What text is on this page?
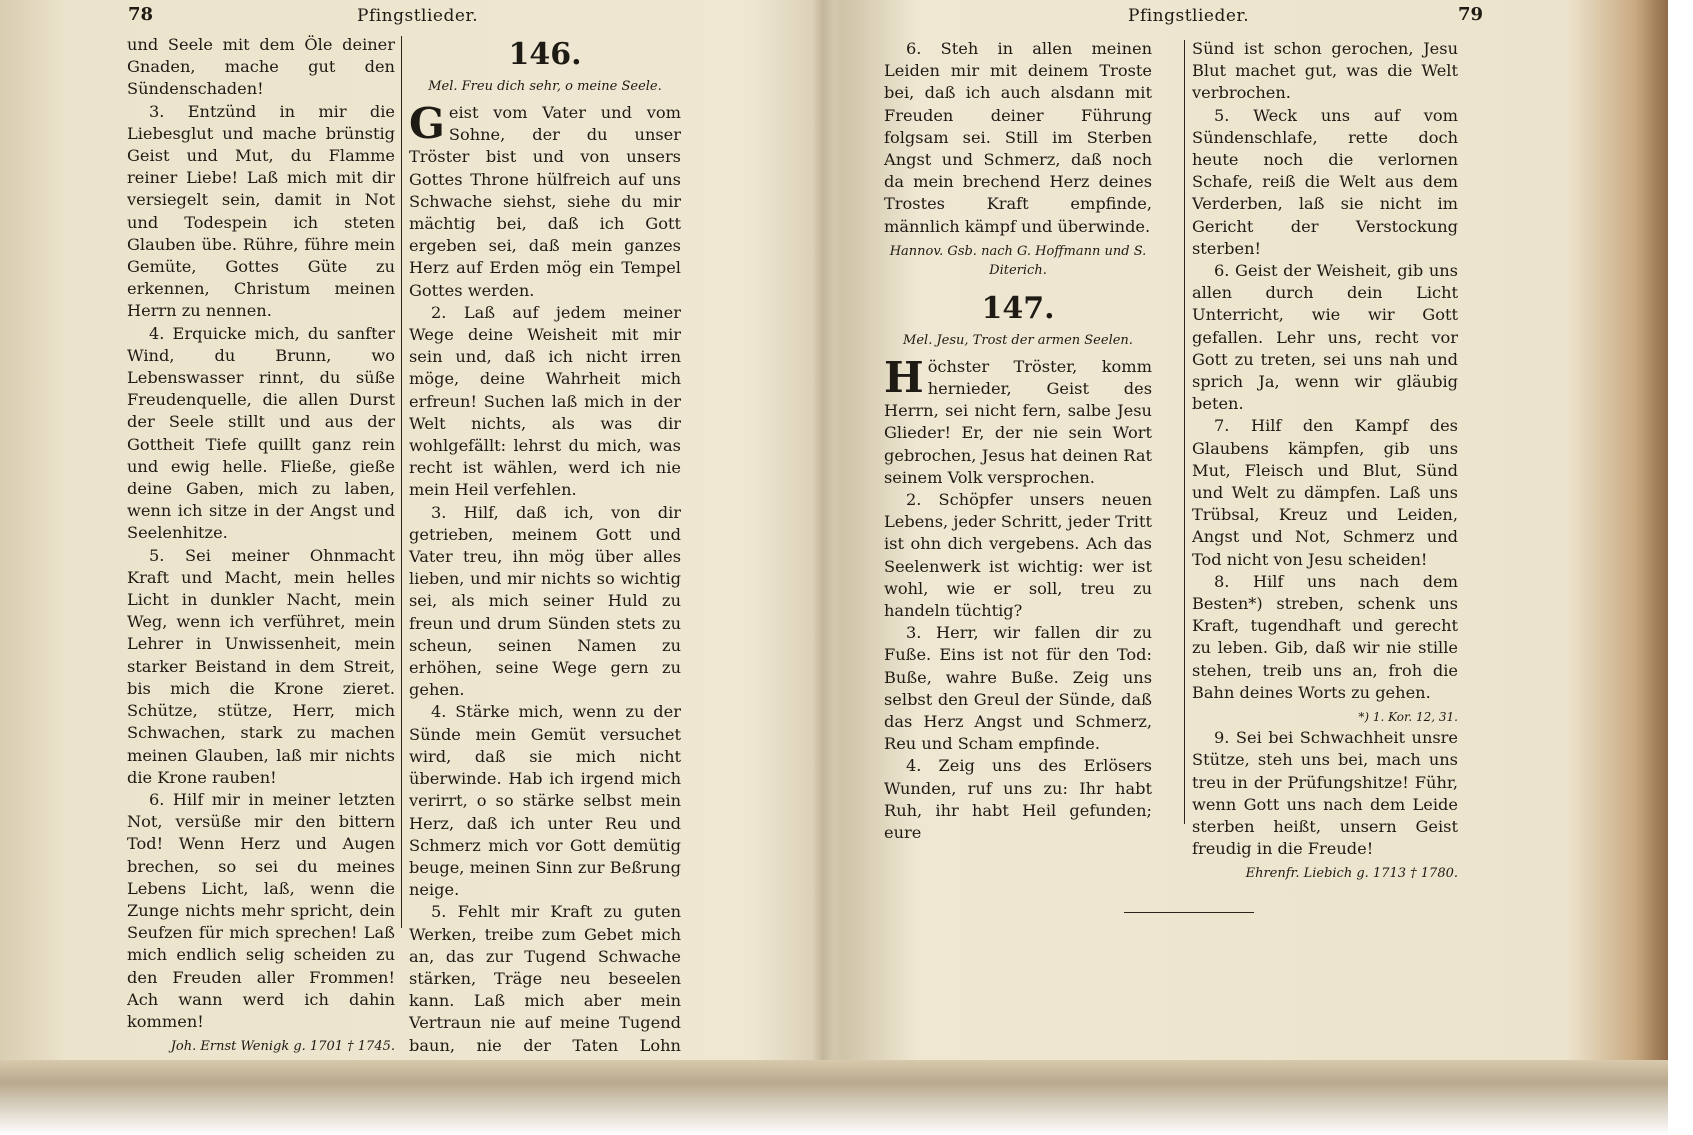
78	Pfingstlieder.

und Seele mit dem Öle deiner Gnaden, mache gut den Sündenschaden!

3. Entzünd in mir die Liebesglut und mache brünstig Geist und Mut, du Flamme reiner Liebe! Laß mich mit dir versiegelt sein, damit in Not und Todespein ich steten Glauben übe. Rühre, führe mein Gemüte, Gottes Güte zu erkennen, Christum meinen Herrn zu nennen.

4. Erquicke mich, du sanfter Wind, du Brunn, wo Lebenswasser rinnt, du süße Freudenquelle, die allen Durst der Seele stillt und aus der Gottheit Tiefe quillt ganz rein und ewig helle. Fließe, gieße deine Gaben, mich zu laben, wenn ich sitze in der Angst und Seelenhitze.

5. Sei meiner Ohnmacht Kraft und Macht, mein helles Licht in dunkler Nacht, mein Weg, wenn ich verführet, mein Lehrer in Unwissenheit, mein starker Beistand in dem Streit, bis mich die Krone zieret. Schütze, stütze, Herr, mich Schwachen, stark zu machen meinen Glauben, laß mir nichts die Krone rauben!

6. Hilf mir in meiner letzten Not, versüße mir den bittern Tod! Wenn Herz und Augen brechen, so sei du meines Lebens Licht, laß, wenn die Zunge nichts mehr spricht, dein Seufzen für mich sprechen! Laß mich endlich selig scheiden zu den Freuden aller Frommen! Ach wann werd ich dahin kommen!

Joh. Ernst Wenigk g. 1701 † 1745.
146.
Mel. Freu dich sehr, o meine Seele.

Geist vom Vater und vom Sohne, der du unser Tröster bist und von unsers Gottes Throne hülfreich auf uns Schwache siehst, siehe du mir mächtig bei, daß ich Gott ergeben sei, daß mein ganzes Herz auf Erden mög ein Tempel Gottes werden.

2. Laß auf jedem meiner Wege deine Weisheit mit mir sein und, daß ich nicht irren möge, deine Wahrheit mich erfreun! Suchen laß mich in der Welt nichts, als was dir wohlgefällt: lehrst du mich, was recht ist wählen, werd ich nie mein Heil verfehlen.

3. Hilf, daß ich, von dir getrieben, meinem Gott und Vater treu, ihn mög über alles lieben, und mir nichts so wichtig sei, als mich seiner Huld zu freun und drum Sünden stets zu scheun, seinen Namen zu erhöhen, seine Wege gern zu gehen.

4. Stärke mich, wenn zu der Sünde mein Gemüt versuchet wird, daß sie mich nicht überwinde. Hab ich irgend mich verirrt, o so stärke selbst mein Herz, daß ich unter Reu und Schmerz mich vor Gott demütig beuge, meinen Sinn zur Beßrung neige.

5. Fehlt mir Kraft zu guten Werken, treibe zum Gebet mich an, das zur Tugend Schwache stärken, Träge neu beseelen kann. Laß mich aber mein Vertraun nie auf meine Tugend baun, nie der Taten Lohn

Pfingstlieder.	79

6. Steh in allen meinen Leiden mir mit deinem Troste bei, daß ich auch alsdann mit Freuden deiner Führung folgsam sei. Still im Sterben Angst und Schmerz, daß noch da mein brechend Herz deines Trostes Kraft empfinde, männlich kämpf und überwinde.

Hannov. Gsb. nach G. Hoffmann und S. Diterich.
147.
Mel. Jesu, Trost der armen Seelen.

Höchster Tröster, komm hernieder, Geist des Herrn, sei nicht fern, salbe Jesu Glieder! Er, der nie sein Wort gebrochen, Jesus hat deinen Rat seinem Volk versprochen.

2. Schöpfer unsers neuen Lebens, jeder Schritt, jeder Tritt ist ohn dich vergebens. Ach das Seelenwerk ist wichtig: wer ist wohl, wie er soll, treu zu handeln tüchtig?

3. Herr, wir fallen dir zu Fuße. Eins ist not für den Tod: Buße, wahre Buße. Zeig uns selbst den Greul der Sünde, daß das Herz Angst und Schmerz, Reu und Scham empfinde.

4. Zeig uns des Erlösers Wunden, ruf uns zu: Ihr habt Ruh, ihr habt Heil gefunden; eure

Sünd ist schon gerochen, Jesu Blut machet gut, was die Welt verbrochen.

5. Weck uns auf vom Sündenschlafe, rette doch heute noch die verlornen Schafe, reiß die Welt aus dem Verderben, laß sie nicht im Gericht der Verstockung sterben!

6. Geist der Weisheit, gib uns allen durch dein Licht Unterricht, wie wir Gott gefallen. Lehr uns, recht vor Gott zu treten, sei uns nah und sprich Ja, wenn wir gläubig beten.

7. Hilf den Kampf des Glaubens kämpfen, gib uns Mut, Fleisch und Blut, Sünd und Welt zu dämpfen. Laß uns Trübsal, Kreuz und Leiden, Angst und Not, Schmerz und Tod nicht von Jesu scheiden!

8. Hilf uns nach dem Besten*) streben, schenk uns Kraft, tugendhaft und gerecht zu leben. Gib, daß wir nie stille stehen, treib uns an, froh die Bahn deines Worts zu gehen.

*) 1. Kor. 12, 31.

9. Sei bei Schwachheit unsre Stütze, steh uns bei, mach uns treu in der Prüfungshitze! Führ, wenn Gott uns nach dem Leide sterben heißt, unsern Geist freudig in die Freude!

Ehrenfr. Liebich g. 1713 † 1780.
